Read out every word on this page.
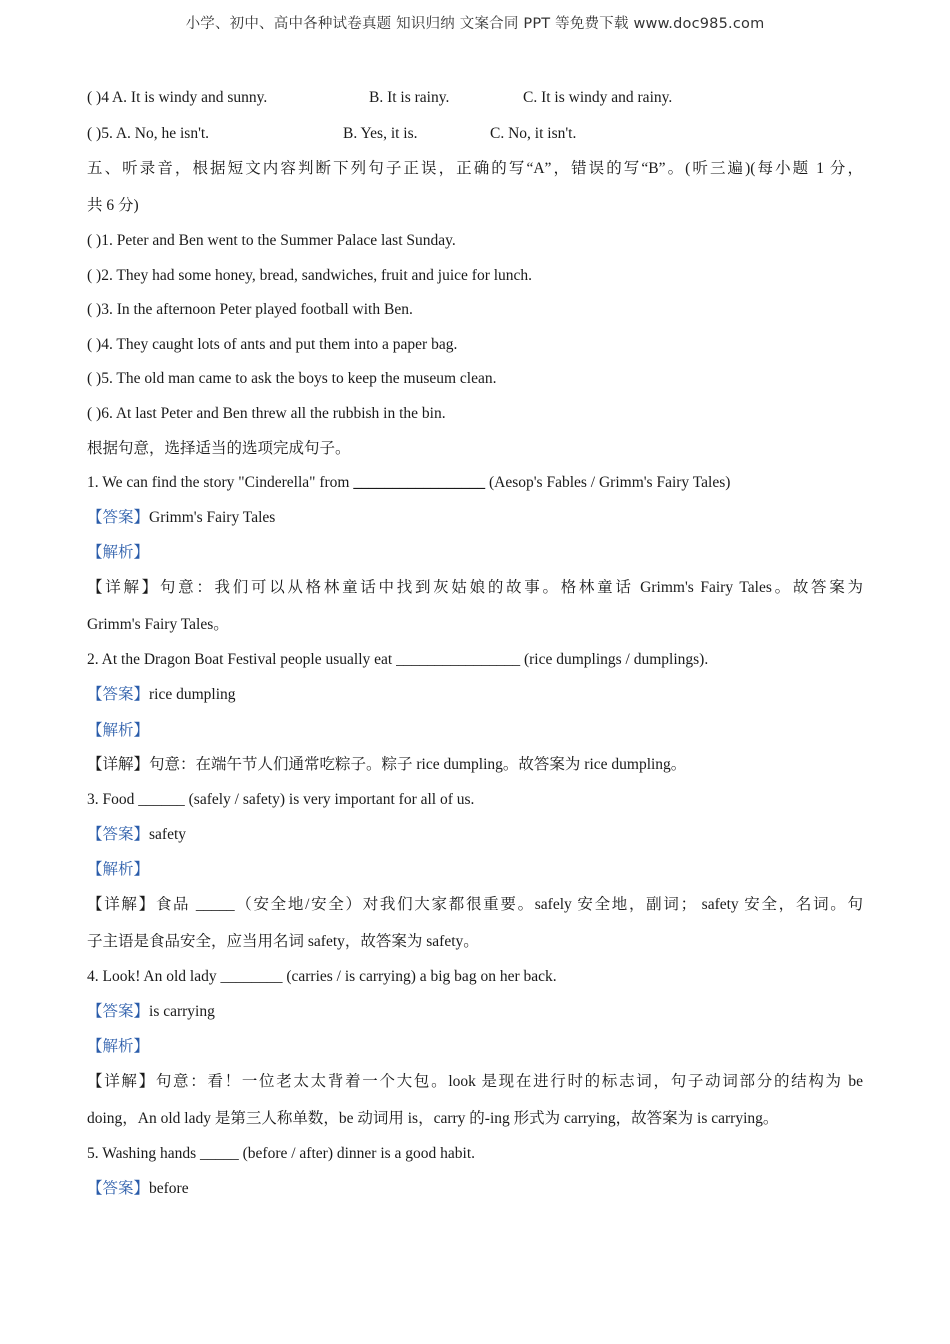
小学、初中、高中各种试卷真题 知识归纳 文案合同 PPT 等免费下载 www.doc985.com
( )4 A. It is windy and sunny.	B. It is rainy.	C. It is windy and rainy.
( )5. A. No, he isn't.	B. Yes, it is.	C. No, it isn't.
五、听录音，根据短文内容判断下列句子正误，正确的写“A”，错误的写“B”。(听三遍)(每小题 1 分，
共 6 分)
( )1. Peter and Ben went to the Summer Palace last Sunday.
( )2. They had some honey, bread, sandwiches, fruit and juice for lunch.
( )3. In the afternoon Peter played football with Ben.
( )4. They caught lots of ants and put them into a paper bag.
( )5. The old man came to ask the boys to keep the museum clean.
( )6. At last Peter and Ben threw all the rubbish in the bin.
根据句意，选择适当的选项完成句子。
1. We can find the story "Cinderella" from _________________ (Aesop's Fables / Grimm's Fairy Tales)
【答案】Grimm's Fairy Tales
【解析】
【详解】句意：我们可以从格林童话中找到灰姑娘的故事。格林童话 Grimm's Fairy Tales。故答案为
Grimm's Fairy Tales。
2. At the Dragon Boat Festival people usually eat ________________ (rice dumplings / dumplings).
【答案】rice dumpling
【解析】
【详解】句意：在端午节人们通常吃粽子。粽子 rice dumpling。故答案为 rice dumpling。
3. Food ______ (safely / safety) is very important for all of us.
【答案】safety
【解析】
【详解】食品 _____（安全地/安全）对我们大家都很重要。safely 安全地，副词； safety 安全，名词。句
子主语是食品安全，应当用名词 safety，故答案为 safety。
4. Look! An old lady ________ (carries / is carrying) a big bag on her back.
【答案】is carrying
【解析】
【详解】句意：看！一位老太太背着一个大包。look 是现在进行时的标志词，句子动词部分的结构为 be
doing，An old lady 是第三人称单数，be 动词用 is，carry 的-ing 形式为 carrying，故答案为 is carrying。
5. Washing hands _____ (before / after) dinner is a good habit.
【答案】before
